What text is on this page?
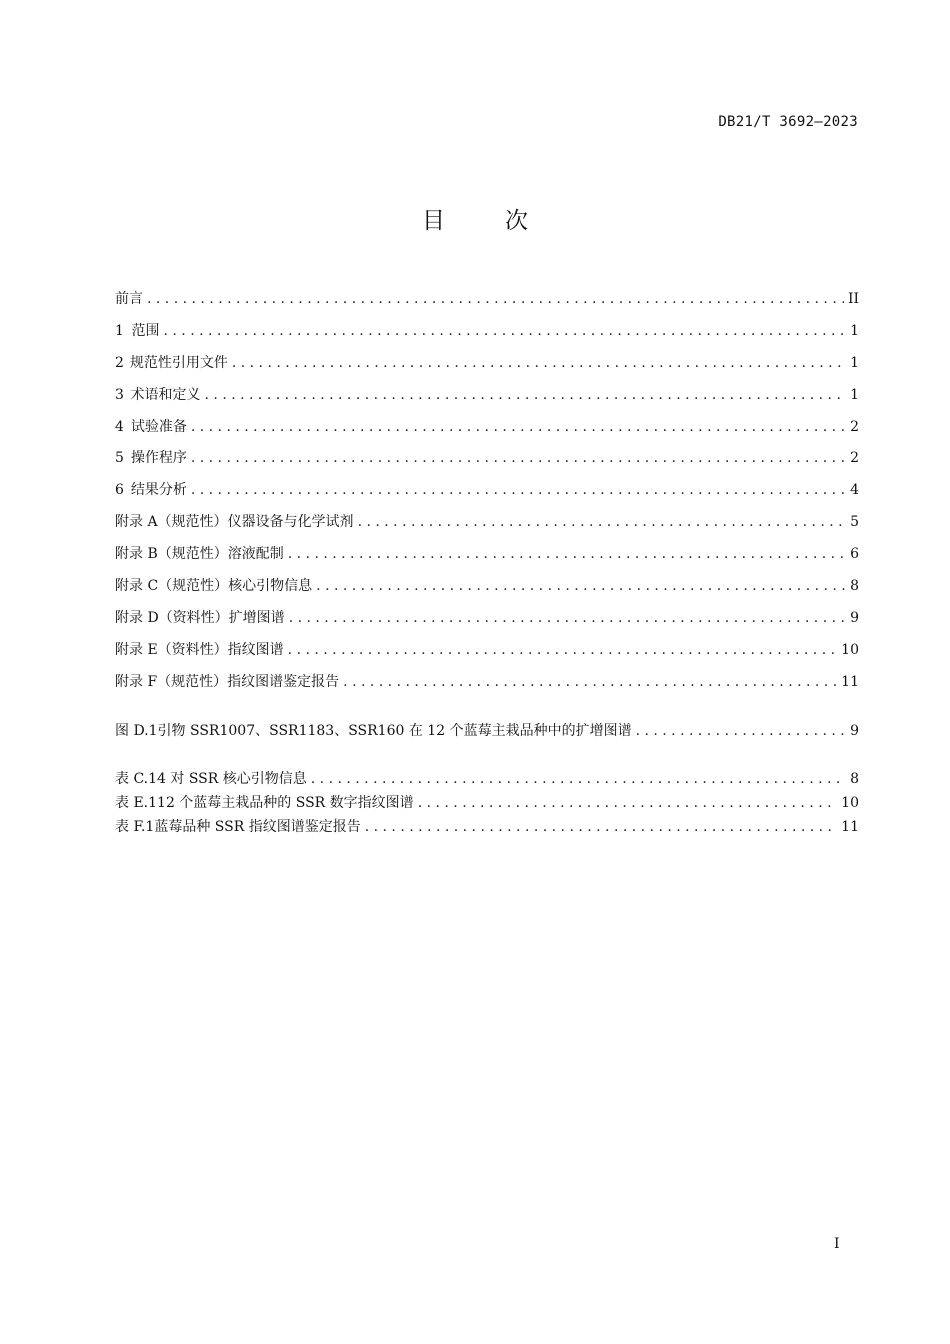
DB21/T 3692—2023
目次
前言 . . .	II
1 范围 . . .	1
2 规范性引用文件 . . .	1
3 术语和定义 . . .	1
4 试验准备 . . .	2
5 操作程序 . . .	2
6 结果分析 . . .	4
附录 A（规范性） 仪器设备与化学试剂 . . .	5
附录 B（规范性） 溶液配制 . . .	6
附录 C（规范性） 核心引物信息 . . .	8
附录 D（资料性） 扩增图谱 . . .	9
附录 E（资料性） 指纹图谱 . . .	10
附录 F（规范性） 指纹图谱鉴定报告 . . .	11
图 D.1 引物 SSR1007、SSR1183、SSR160 在 12 个蓝莓主栽品种中的扩增图谱 . . .	9
表 C.1 4 对 SSR 核心引物信息 . . .	8
表 E.1 12 个蓝莓主栽品种的 SSR 数字指纹图谱 . . .	10
表 F.1 蓝莓品种 SSR 指纹图谱鉴定报告 . . .	11
I
